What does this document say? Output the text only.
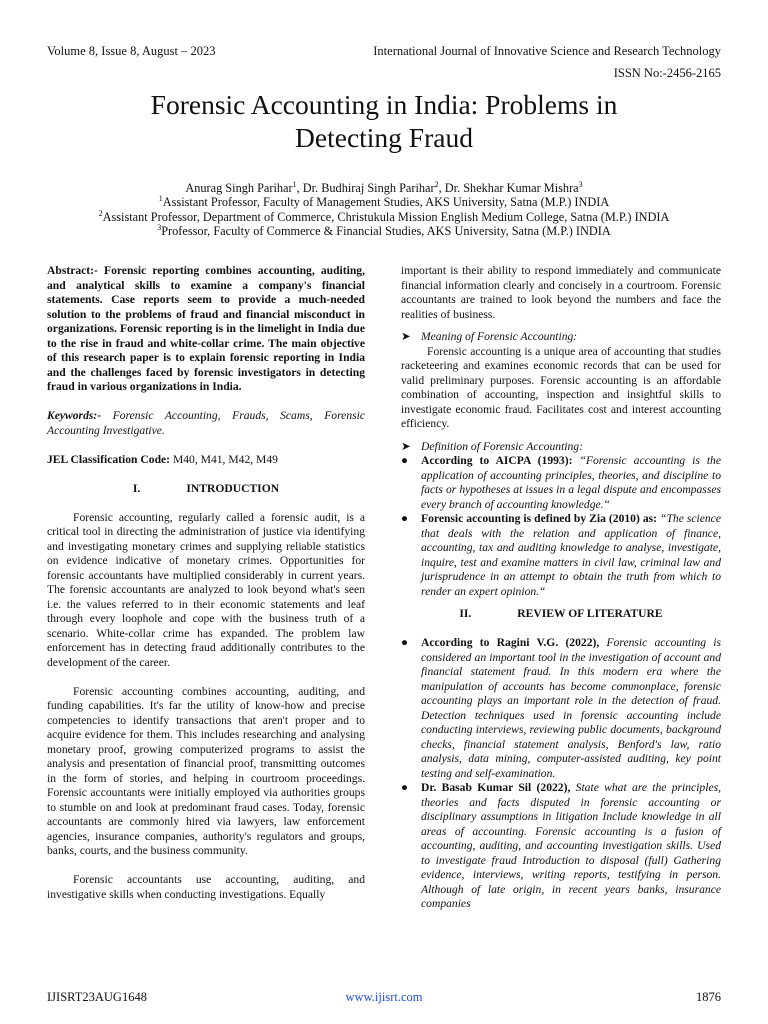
Volume 8, Issue 8, August – 2023	International Journal of Innovative Science and Research Technology
ISSN No:-2456-2165
Forensic Accounting in India: Problems in
Detecting Fraud
Anurag Singh Parihar$^1$, Dr. Budhiraj Singh Parihar$^2$, Dr. Shekhar Kumar Mishra$^3$
$^1$Assistant Professor, Faculty of Management Studies, AKS University, Satna (M.P.) INDIA
$^2$Assistant Professor, Department of Commerce, Christukula Mission English Medium College, Satna (M.P.) INDIA
$^3$Professor, Faculty of Commerce & Financial Studies, AKS University, Satna (M.P.) INDIA

Abstract:- Forensic reporting combines accounting, auditing, and analytical skills to examine a company's financial statements. Case reports seem to provide a much-needed solution to the problems of fraud and financial misconduct in organizations. Forensic reporting is in the limelight in India due to the rise in fraud and white-collar crime. The main objective of this research paper is to explain forensic reporting in India and the challenges faced by forensic investigators in detecting fraud in various organizations in India.

Keywords:- Forensic Accounting, Frauds, Scams, Forensic Accounting Investigative.

JEL Classification Code: M40, M41, M42, M49

I.	INTRODUCTION

Forensic accounting, regularly called a forensic audit, is a critical tool in directing the administration of justice via identifying and investigating monetary crimes and supplying reliable statistics on evidence indicative of monetary crimes. Opportunities for forensic accountants have multiplied considerably in current years. The forensic accountants are analyzed to look beyond what's seen i.e. the values referred to in their economic statements and leaf through every loophole and cope with the business truth of a scenario. White-collar crime has expanded. The problem law enforcement has in detecting fraud additionally contributes to the development of the career.

Forensic accounting combines accounting, auditing, and funding capabilities. It's far the utility of know-how and precise competencies to identify transactions that aren't proper and to acquire evidence for them. This includes researching and analysing monetary proof, growing computerized programs to assist the analysis and presentation of financial proof, transmitting outcomes in the form of stories, and helping in courtroom proceedings. Forensic accountants were initially employed via authorities groups to stumble on and look at predominant fraud cases. Today, forensic accountants are commonly hired via lawyers, law enforcement agencies, insurance companies, authority's regulators and groups, banks, courts, and the business community.

Forensic accountants use accounting, auditing, and investigative skills when conducting investigations. Equally

important is their ability to respond immediately and communicate financial information clearly and concisely in a courtroom. Forensic accountants are trained to look beyond the numbers and face the realities of business.

➤ Meaning of Forensic Accounting:

Forensic accounting is a unique area of accounting that studies racketeering and examines economic records that can be used for valid preliminary purposes. Forensic accounting is an affordable combination of accounting, inspection and insightful skills to investigate economic fraud. Facilitates cost and interest accounting efficiency.

➤ Definition of Forensic Accounting:
● According to AICPA (1993): “Forensic accounting is the application of accounting principles, theories, and discipline to facts or hypotheses at issues in a legal dispute and encompasses every branch of accounting knowledge.“
● Forensic accounting is defined by Zia (2010) as: “The science that deals with the relation and application of finance, accounting, tax and auditing knowledge to analyse, investigate, inquire, test and examine matters in civil law, criminal law and jurisprudence in an attempt to obtain the truth from which to render an expert opinion.“
II.	REVIEW OF LITERATURE
● According to Ragini V.G. (2022), Forensic accounting is considered an important tool in the investigation of account and financial statement fraud. In this modern era where the manipulation of accounts has become commonplace, forensic accounting plays an important role in the detection of fraud. Detection techniques used in forensic accounting include conducting interviews, reviewing public documents, background checks, financial statement analysis, Benford's law, ratio analysis, data mining, computer-assisted auditing, key point testing and self-examination.
● Dr. Basab Kumar Sil (2022), State what are the principles, theories and facts disputed in forensic accounting or disciplinary assumptions in litigation Include knowledge in all areas of accounting. Forensic accounting is a fusion of accounting, auditing, and accounting investigation skills. Used to investigate fraud Introduction to disposal (full) Gathering evidence, interviews, writing reports, testifying in person. Although of late origin, in recent years banks, insurance companies
IJISRT23AUG1648	www.ijisrt.com	1876
